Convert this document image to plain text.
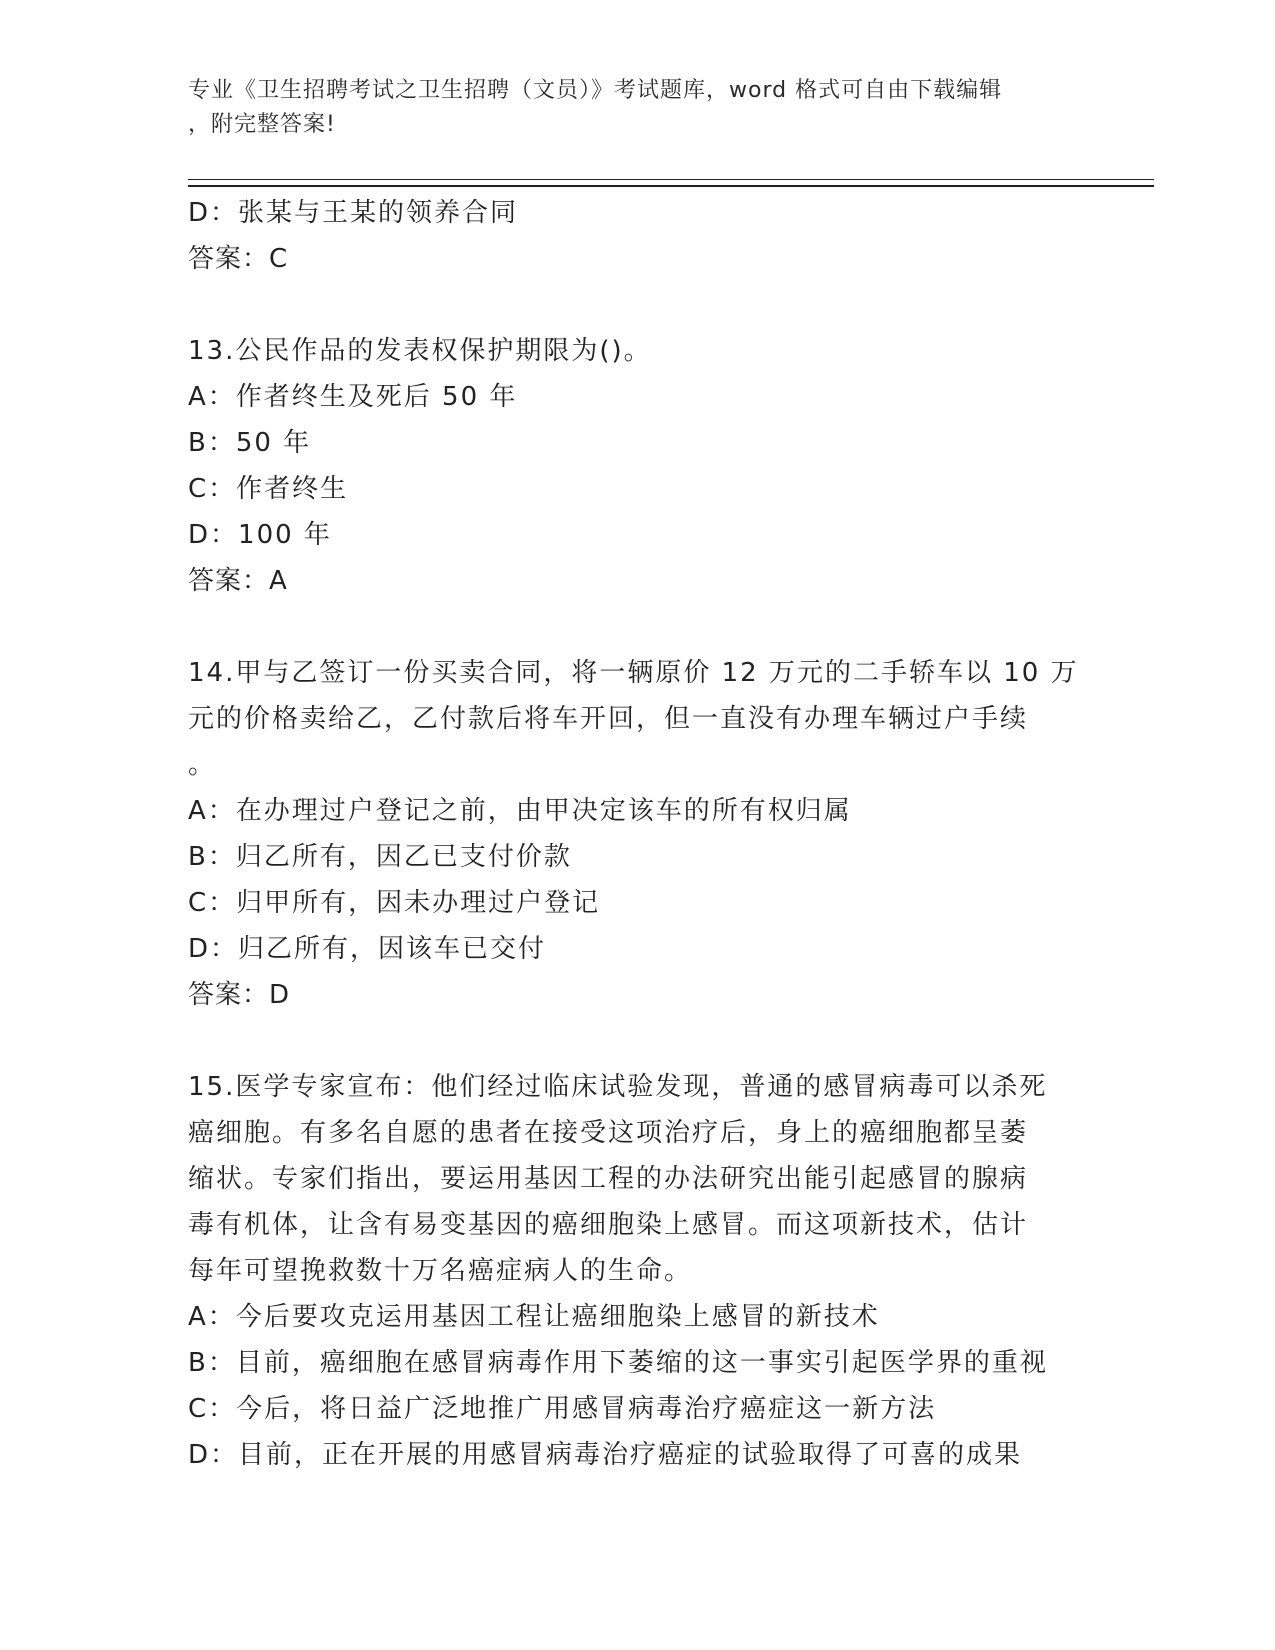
专业《卫生招聘考试之卫生招聘（文员）》考试题库，word 格式可自由下载编辑
，附完整答案!
D：张某与王某的领养合同
答案：C
13.公民作品的发表权保护期限为()。
A：作者终生及死后 50 年
B：50 年
C：作者终生
D：100 年
答案：A
14.甲与乙签订一份买卖合同，将一辆原价 12 万元的二手轿车以 10 万
元的价格卖给乙，乙付款后将车开回，但一直没有办理车辆过户手续
。
A：在办理过户登记之前，由甲决定该车的所有权归属
B：归乙所有，因乙已支付价款
C：归甲所有，因未办理过户登记
D：归乙所有，因该车已交付
答案：D
15.医学专家宣布：他们经过临床试验发现，普通的感冒病毒可以杀死
癌细胞。有多名自愿的患者在接受这项治疗后，身上的癌细胞都呈萎
缩状。专家们指出，要运用基因工程的办法研究出能引起感冒的腺病
毒有机体，让含有易变基因的癌细胞染上感冒。而这项新技术，估计
每年可望挽救数十万名癌症病人的生命。
A：今后要攻克运用基因工程让癌细胞染上感冒的新技术
B：目前，癌细胞在感冒病毒作用下萎缩的这一事实引起医学界的重视
C：今后，将日益广泛地推广用感冒病毒治疗癌症这一新方法
D：目前，正在开展的用感冒病毒治疗癌症的试验取得了可喜的成果
